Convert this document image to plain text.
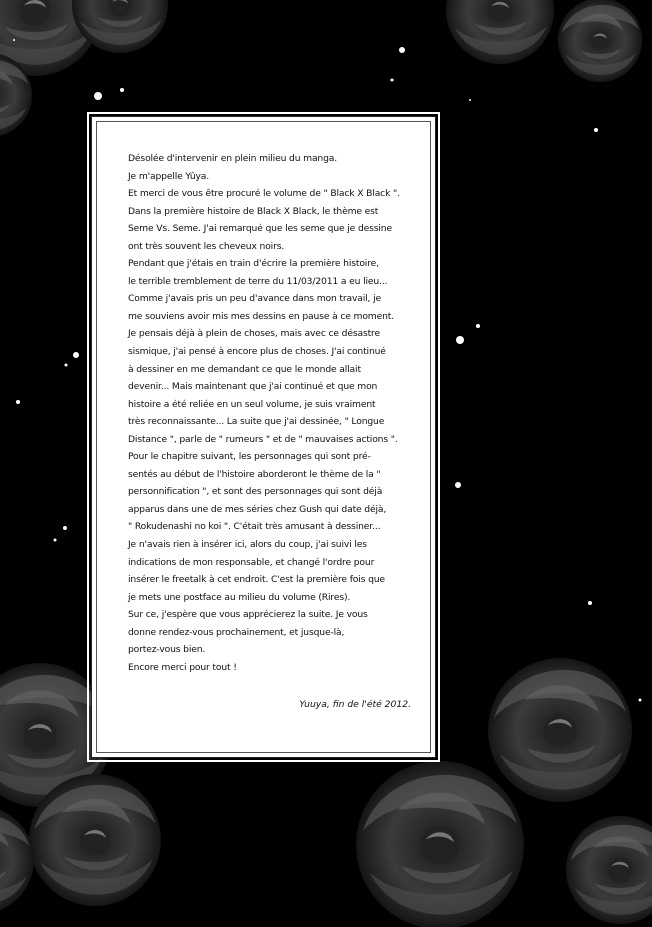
Désolée d'intervenir en plein milieu du manga.
Je m'appelle Yûya.
Et merci de vous être procuré le volume de " Black X Black ".
Dans la première histoire de Black X Black, le thème est
Seme Vs. Seme. J'ai remarqué que les seme que je dessine
ont très souvent les cheveux noirs.
Pendant que j'étais en train d'écrire la première histoire,
le terrible tremblement de terre du 11/03/2011 a eu lieu...
Comme j'avais pris un peu d'avance dans mon travail, je
me souviens avoir mis mes dessins en pause à ce moment.
Je pensais déjà à plein de choses, mais avec ce désastre
sismique, j'ai pensé à encore plus de choses. J'ai continué
à dessiner en me demandant ce que le monde allait
devenir... Mais maintenant que j'ai continué et que mon
histoire a été reliée en un seul volume, je suis vraiment
très reconnaissante... La suite que j'ai dessinée, " Longue
Distance ", parle de " rumeurs " et de " mauvaises actions ".
Pour le chapitre suivant, les personnages qui sont pré-
sentés au début de l'histoire aborderont le thème de la "
personnification ", et sont des personnages qui sont déjà
apparus dans une de mes séries chez Gush qui date déjà,
" Rokudenashi no koi ". C'était très amusant à dessiner...
Je n'avais rien à insérer ici, alors du coup, j'ai suivi les
indications de mon responsable, et changé l'ordre pour
insérer le freetalk à cet endroit. C'est la première fois que
je mets une postface au milieu du volume (Rires).
Sur ce, j'espère que vous apprécierez la suite. Je vous
donne rendez-vous prochainement, et jusque-là,
portez-vous bien.
Encore merci pour tout !
Yuuya, fin de l'été 2012.
